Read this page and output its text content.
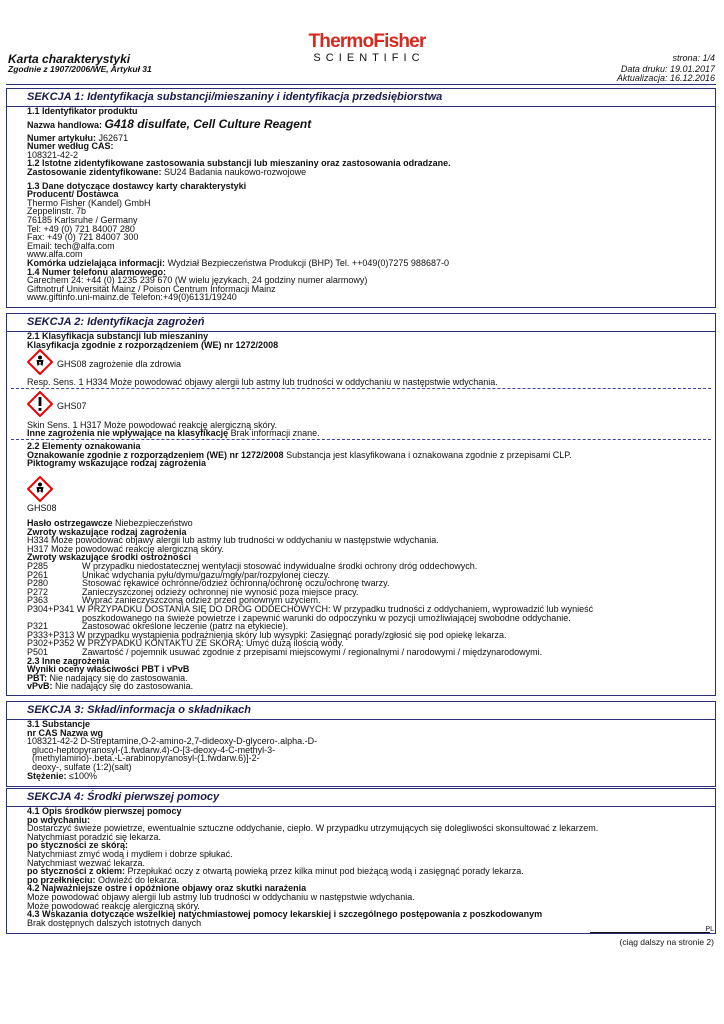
Karta charakterystyki
Zgodnie z 1907/2006/WE, Artykuł 31
ThermoFisher
S C I E N T I F I C	strona: 1/4
Data druku: 19.01.2017
Aktualizacja: 16.12.2016
SEKCJA 1: Identyfikacja substancji/mieszaniny i identyfikacja przedsiębiorstwa
1.1 Identyfikator produktu
Nazwa handlowa: G418 disulfate, Cell Culture Reagent
Numer artykułu: J62671
Numer według CAS:
108321-42-2
1.2 Istotne zidentyfikowane zastosowania substancji lub mieszaniny oraz zastosowania odradzane.
Zastosowanie zidentyfikowane: SU24 Badania naukowo-rozwojowe
1.3 Dane dotyczące dostawcy karty charakterystyki
Producent/ Dostawca
Thermo Fisher (Kandel) GmbH
Zeppelinstr. 7b
76185 Karlsruhe / Germany
Tel: +49 (0) 721 84007 280
Fax: +49 (0) 721 84007 300
Email: tech@alfa.com
www.alfa.com
Komórka udzielająca informacji: Wydział Bezpieczeństwa Produkcji (BHP) Tel. ++049(0)7275 988687-0
1.4 Numer telefonu alarmowego:
Carechem 24: +44 (0) 1235 239 670 (W wielu językach, 24 godziny numer alarmowy)
Giftnotruf Universität Mainz / Poison Centrum Informacji Mainz
www.giftinfo.uni-mainz.de Telefon:+49(0)6131/19240
SEKCJA 2: Identyfikacja zagrożeń
2.1 Klasyfikacja substancji lub mieszaniny
Klasyfikacja zgodnie z rozporządzeniem (WE) nr 1272/2008
GHS08 zagrożenie dla zdrowia
Resp. Sens. 1 H334 Może powodować objawy alergii lub astmy lub trudności w oddychaniu w następstwie wdychania.
GHS07
Skin Sens. 1 H317 Może powodować reakcję alergiczną skóry.
Inne zagrożenia nie wpływające na klasyfikację Brak informacji znane.
2.2 Elementy oznakowania
Oznakowanie zgodnie z rozporządzeniem (WE) nr 1272/2008 Substancja jest klasyfikowana i oznakowana zgodnie z przepisami CLP.
Piktogramy wskazujące rodzaj zagrożenia
GHS08
Hasło ostrzegawcze Niebezpieczeństwo
Zwroty wskazujące rodzaj zagrożenia
H334 Może powodować objawy alergii lub astmy lub trudności w oddychaniu w następstwie wdychania.
H317 Może powodować reakcję alergiczną skóry.
Zwroty wskazujące środki ostrożności
P285	W przypadku niedostatecznej wentylacji stosować indywidualne środki ochrony dróg oddechowych.
P261	Unikać wdychania pyłu/dymu/gazu/mgły/par/rozpylonej cieczy.
P280	Stosować rękawice ochronne/odzież ochronną/ochronę oczu/ochronę twarzy.
P272	Zanieczyszczonej odzieży ochronnej nie wynosić poza miejsce pracy.
P363	Wyprać zanieczyszczoną odzież przed ponownym użyciem.
P304+P341 W PRZYPADKU DOSTANIA SIĘ DO DRÓG ODDECHOWYCH: W przypadku trudności z oddychaniem, wyprowadzić lub wynieść
poszkodowanego na świeże powietrze i zapewnić warunki do odpoczynku w pozycji umożliwiającej swobodne oddychanie.
P321	Zastosować określone leczenie (patrz na etykiecie).
P333+P313 W przypadku wystąpienia podrażnienia skóry lub wysypki: Zasięgnąć porady/zgłosić się pod opiekę lekarza.
P302+P352 W PRZYPADKU KONTAKTU ZE SKÓRĄ: Umyć dużą ilością wody.
P501	Zawartość / pojemnik usuwać zgodnie z przepisami miejscowymi / regionalnymi / narodowymi / międzynarodowymi.
2.3 Inne zagrożenia
Wyniki oceny właściwości PBT i vPvB
PBT: Nie nadający się do zastosowania.
vPvB: Nie nadający się do zastosowania.
SEKCJA 3: Skład/informacja o składnikach
3.1 Substancje
nr CAS Nazwa wg
108321-42-2 D-Streptamine,O-2-amino-2,7-dideoxy-D-glycero-.alpha.-D-
gluco-heptopyranosyl-(1.fwdarw.4)-O-[3-deoxy-4-C-methyl-3-
(methylamino)-.beta.-L-arabinopyranosyl-(1.fwdarw.6)]-2-
deoxy-, sulfate (1:2)(salt)
Stężenie: ≤100%
SEKCJA 4: Środki pierwszej pomocy
4.1 Opis środków pierwszej pomocy
po wdychaniu:
Dostarczyć świeże powietrze, ewentualnie sztuczne oddychanie, ciepło. W przypadku utrzymujących się dolegliwości skonsultować z lekarzem.
Natychmiast poradzić się lekarza.
po styczności ze skórą:
Natychmiast zmyć wodą i mydłem i dobrze spłukać.
Natychmiast wezwać lekarza.
po styczności z okiem: Przepłukać oczy z otwartą powieką przez kilka minut pod bieżącą wodą i zasięgnąć porady lekarza.
po przełknięciu: Odwieźć do lekarza.
4.2 Najważniejsze ostre i opóźnione objawy oraz skutki narażenia
Może powodować objawy alergii lub astmy lub trudności w oddychaniu w następstwie wdychania.
Może powodować reakcję alergiczną skóry.
4.3 Wskazania dotyczące wszelkiej natychmiastowej pomocy lekarskiej i szczególnego postępowania z poszkodowanym
Brak dostępnych dalszych istotnych danych
PL
(ciąg dalszy na stronie 2)
